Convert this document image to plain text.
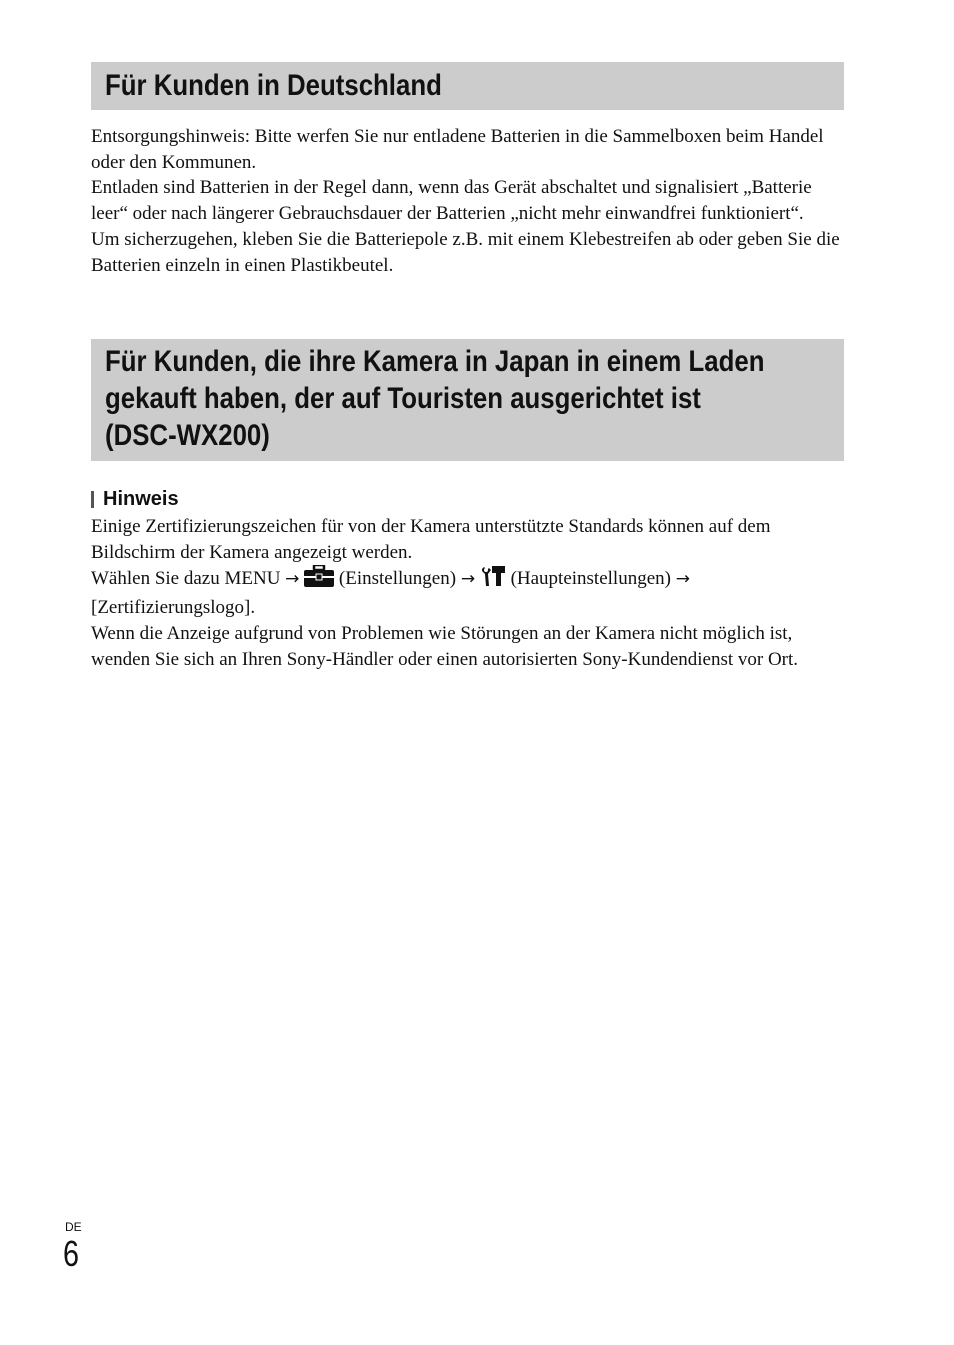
Für Kunden in Deutschland

Entsorgungshinweis: Bitte werfen Sie nur entladene Batterien in die Sammelboxen beim Handel oder den Kommunen.

Entladen sind Batterien in der Regel dann, wenn das Gerät abschaltet und signalisiert „Batterie leer“ oder nach längerer Gebrauchsdauer der Batterien „nicht mehr einwandfrei funktioniert“.

Um sicherzugehen, kleben Sie die Batteriepole z.B. mit einem Klebestreifen ab oder geben Sie die Batterien einzeln in einen Plastikbeutel.

Für Kunden, die ihre Kamera in Japan in einem Laden
gekauft haben, der auf Touristen ausgerichtet ist
(DSC-WX200)
Hinweis

Einige Zertifizierungszeichen für von der Kamera unterstützte Standards können auf dem Bildschirm der Kamera angezeigt werden.

Wählen Sie dazu MENU → (Einstellungen) → (Haupteinstellungen) →
[Zertifizierungslogo].

Wenn die Anzeige aufgrund von Problemen wie Störungen an der Kamera nicht möglich ist, wenden Sie sich an Ihren Sony-Händler oder einen autorisierten Sony-Kundendienst vor Ort.

DE
6
